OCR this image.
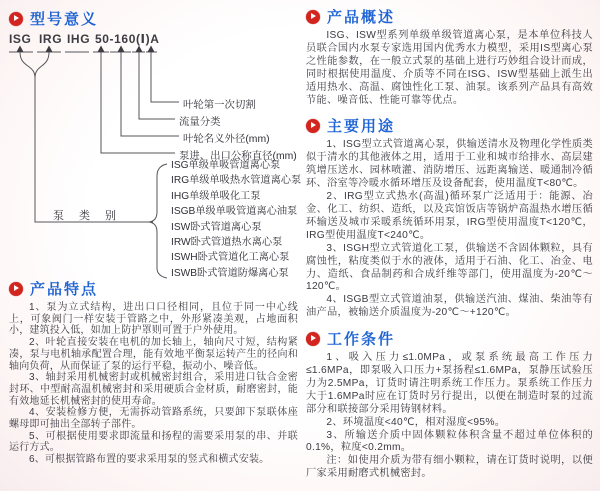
型号意义
ISG IRG IHG 50-160(Ⅰ)A
叶轮第一次切割
流量分类
叶轮名义外径(mm)
泵进、出口公称直径(mm)
泵　类　别
ISG单级单吸管道离心泵
IRG单级单吸热水管道离心泵
IHG单级单吸化工泵
ISGB单级单吸管道离心油泵
ISW卧式管道离心泵
IRW卧式管道热水离心泵
ISWH卧式管道化工离心泵
ISWB卧式管道防爆离心泵
产品特点

1、泵为立式结构，进出口口径相同，且位于同一中心线上，可象阀门一样安装于管路之中，外形紧凑美观，占地面积小，建筑投入低，如加上防护罩则可置于户外使用。

2、叶轮直接安装在电机的加长轴上，轴向尺寸短，结构紧凑，泵与电机轴承配置合理，能有效地平衡泵运转产生的径向和轴向负荷，从而保证了泵的运行平稳，振动小、噪音低。

3、轴封采用机械密封或机械密封组合，采用进口钛合金密封环、中型耐高温机械密封和采用硬质合金材质，耐磨密封，能有效地延长机械密封的使用寿命。

4、安装检修方便，无需拆动管路系统，只要卸下泵联体座螺母即可抽出全部转子部件。

5、可根据使用要求即流量和扬程的需要采用泵的串、并联运行方式。

6、可根据管路布置的要求采用泵的竖式和横式安装。

产品概述

ISG、ISW型系列单级单级管道离心泵，是本单位科技人员联合国内水泵专家选用国内优秀水力模型，采用IS型离心泵之性能参数，在一般立式泵的基础上进行巧妙组合设计而成，同时根据使用温度、介质等不同在ISG、ISW型基础上派生出适用热水、高温、腐蚀性化工泵、油泵。该系列产品具有高效节能、噪音低、性能可靠等优点。

主要用途

1、ISG型立式管道离心泵，供输送清水及物理化学性质类似于清水的其他液体之用，适用于工业和城市给排水、高层建筑增压送水、园林喷灌、消防增压、远距离输送、暖通制冷循环、浴室等冷暖水循环增压及设备配套，使用温度T<80℃。

2、IRG型立式热水(高温)循环泵广泛适用于：能源、冶金、化工、纺织、造纸，以及宾馆饭店等锅炉高温热水增压循环输送及城市采暖系统循环用泵，IRG型使用温度T<120℃，IRG型使用温度T<240℃。

3、ISGH型立式管道化工泵，供输送不含固体颗粒，具有腐蚀性，粘度类似于水的液体，适用于石油、化工、冶金、电力、造纸、食品制药和合成纤维等部门，使用温度为-20℃～120℃。

4、ISGB型立式管道油泵，供输送汽油、煤油、柴油等有油产品，被输送介质温度为-20℃～+120℃。

工作条件

1、吸入压力≤1.0MPa，或泵系统最高工作压力≤1.6MPa，即泵吸入口压力+泵扬程≤1.6MPa，泵静压试验压力为2.5MPa，订货时请注明系统工作压力。泵系统工作压力大于1.6MPa时应在订货时另行提出，以便在制造时泵的过流部分和联接部分采用铸钢材料。

2、环境温度<40℃，相对湿度<95%。

3、所输送介质中固体颗粒体积含量不超过单位体积的0.1%，粒度<0.2mm。

注：如使用介质为带有细小颗粒，请在订货时说明，以便厂家采用耐磨式机械密封。
